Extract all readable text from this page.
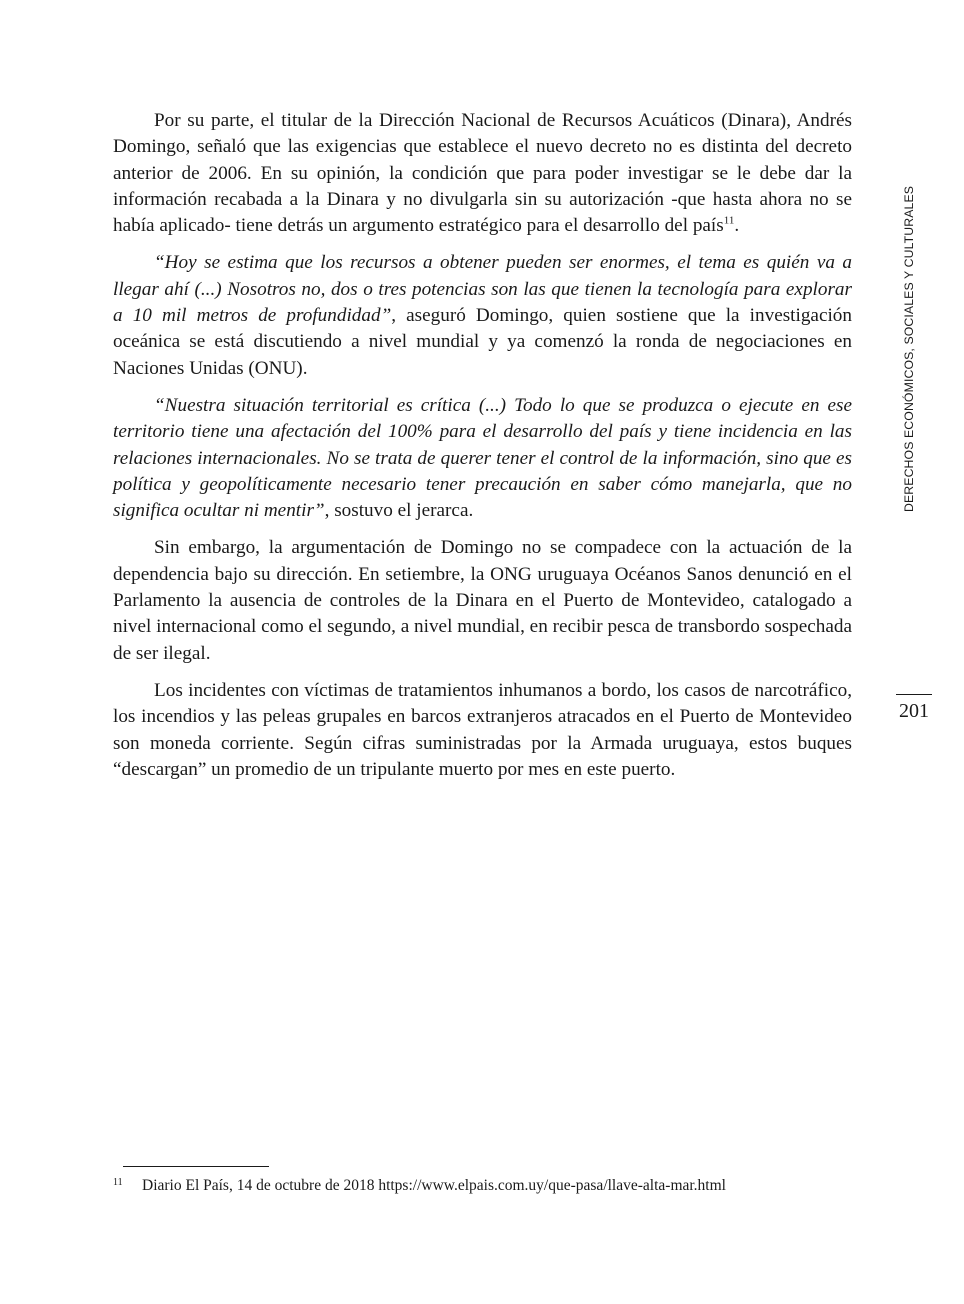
Por su parte, el titular de la Dirección Nacional de Recursos Acuáticos (Dinara), Andrés Domingo, señaló que las exigencias que establece el nuevo decreto no es distinta del decreto anterior de 2006. En su opinión, la condición que para poder investigar se le debe dar la información recabada a la Dinara y no divulgarla sin su autorización -que hasta ahora no se había aplicado- tiene detrás un argumento estratégico para el desarrollo del país$^{11}$.

“Hoy se estima que los recursos a obtener pueden ser enormes, el tema es quién va a llegar ahí (...) Nosotros no, dos o tres potencias son las que tienen la tecnología para explorar a 10 mil metros de profundidad”, aseguró Domingo, quien sostiene que la investigación oceánica se está discutiendo a nivel mundial y ya comenzó la ronda de negociaciones en Naciones Unidas (ONU).

“Nuestra situación territorial es crítica (...) Todo lo que se produzca o ejecute en ese territorio tiene una afectación del 100% para el desarrollo del país y tiene incidencia en las relaciones internacionales. No se trata de querer tener el control de la información, sino que es política y geopolíticamente necesario tener precaución en saber cómo manejarla, que no significa ocultar ni mentir”, sostuvo el jerarca.

Sin embargo, la argumentación de Domingo no se compadece con la actuación de la dependencia bajo su dirección. En setiembre, la ONG uruguaya Océanos Sanos denunció en el Parlamento la ausencia de controles de la Dinara en el Puerto de Montevideo, catalogado a nivel internacional como el segundo, a nivel mundial, en recibir pesca de transbordo sospechada de ser ilegal.

Los incidentes con víctimas de tratamientos inhumanos a bordo, los casos de narcotráfico, los incendios y las peleas grupales en barcos extranjeros atracados en el Puerto de Montevideo son moneda corriente. Según cifras suministradas por la Armada uruguaya, estos buques “descargan” un promedio de un tripulante muerto por mes en este puerto.

DERECHOS ECONÓMICOS, SOCIALES Y CULTURALES
201
11 Diario El País, 14 de octubre de 2018 https://www.elpais.com.uy/que-pasa/llave-alta-mar.html
